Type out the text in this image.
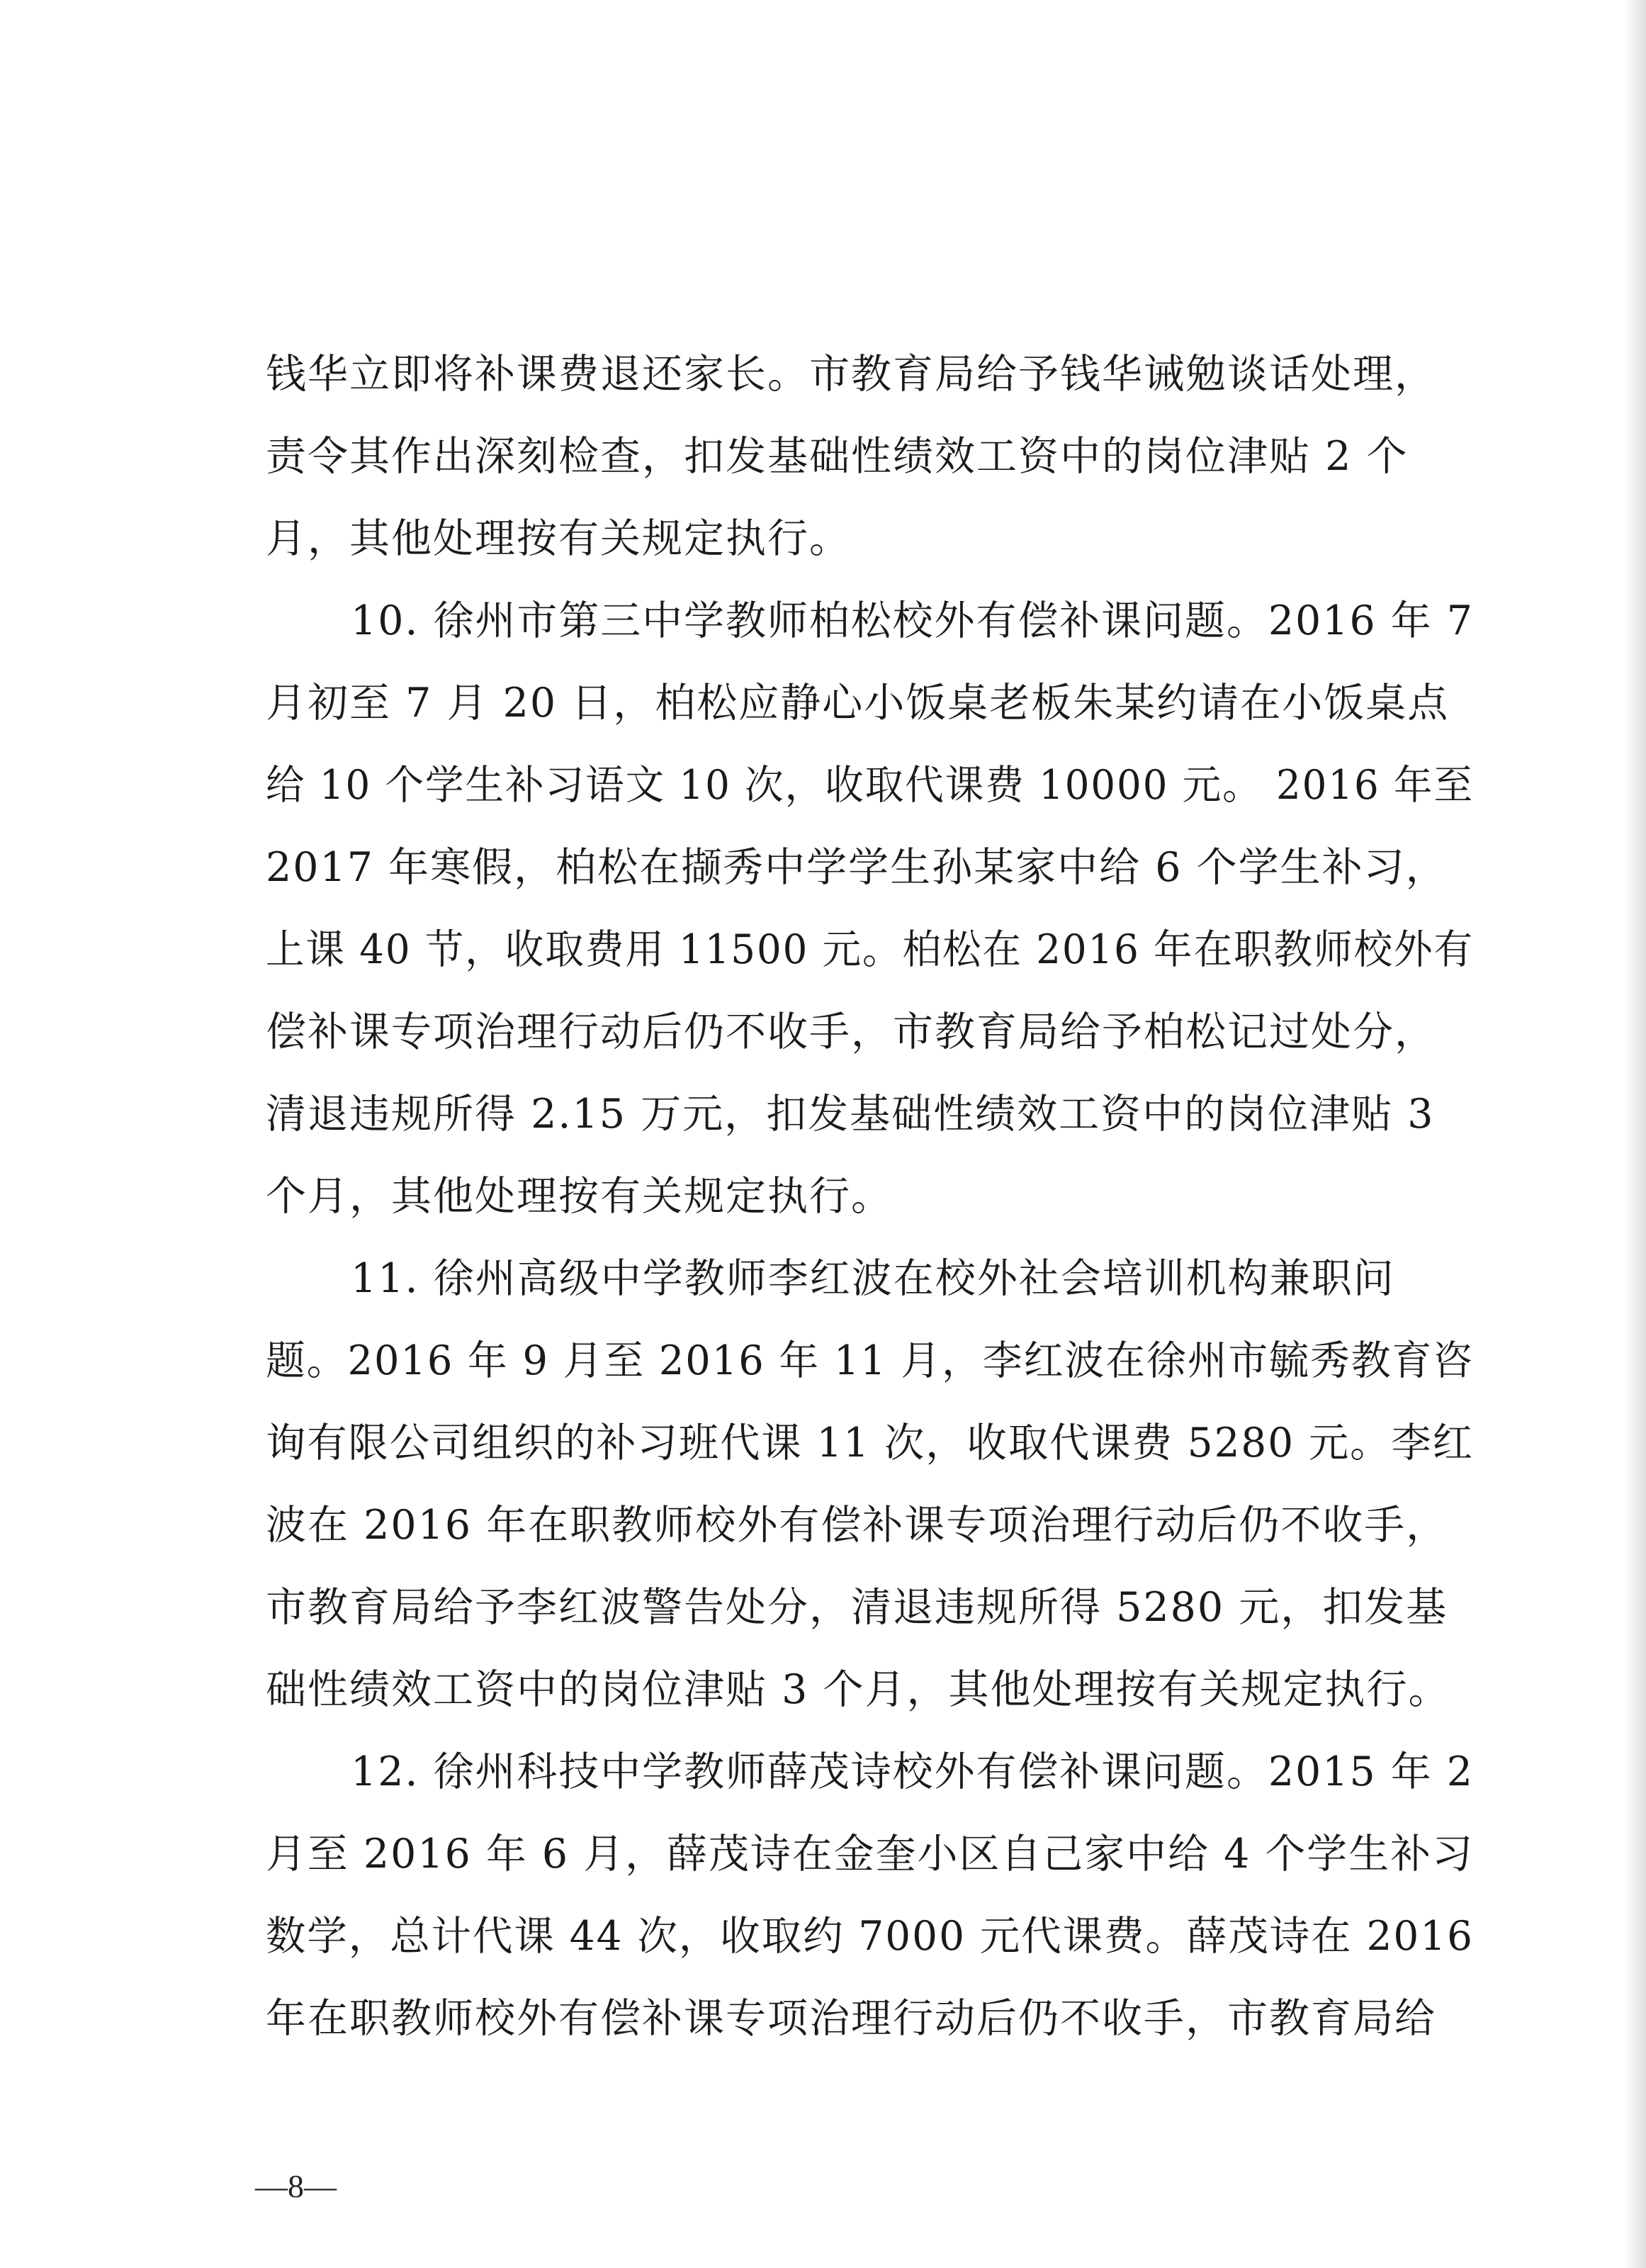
钱华立即将补课费退还家长。市教育局给予钱华诫勉谈话处理，
责令其作出深刻检查，扣发基础性绩效工资中的岗位津贴 2 个
月，其他处理按有关规定执行。
10. 徐州市第三中学教师柏松校外有偿补课问题。2016 年 7
月初至 7 月 20 日，柏松应静心小饭桌老板朱某约请在小饭桌点
给 10 个学生补习语文 10 次，收取代课费 10000 元。 2016 年至
2017 年寒假，柏松在撷秀中学学生孙某家中给 6 个学生补习，
上课 40 节，收取费用 11500 元。柏松在 2016 年在职教师校外有
偿补课专项治理行动后仍不收手，市教育局给予柏松记过处分，
清退违规所得 2.15 万元，扣发基础性绩效工资中的岗位津贴 3
个月，其他处理按有关规定执行。
11. 徐州高级中学教师李红波在校外社会培训机构兼职问
题。2016 年 9 月至 2016 年 11 月，李红波在徐州市毓秀教育咨
询有限公司组织的补习班代课 11 次，收取代课费 5280 元。李红
波在 2016 年在职教师校外有偿补课专项治理行动后仍不收手，
市教育局给予李红波警告处分，清退违规所得 5280 元，扣发基
础性绩效工资中的岗位津贴 3 个月，其他处理按有关规定执行。
12. 徐州科技中学教师薛茂诗校外有偿补课问题。2015 年 2
月至 2016 年 6 月，薛茂诗在金奎小区自己家中给 4 个学生补习
数学，总计代课 44 次，收取约 7000 元代课费。薛茂诗在 2016
年在职教师校外有偿补课专项治理行动后仍不收手，市教育局给
—8—
